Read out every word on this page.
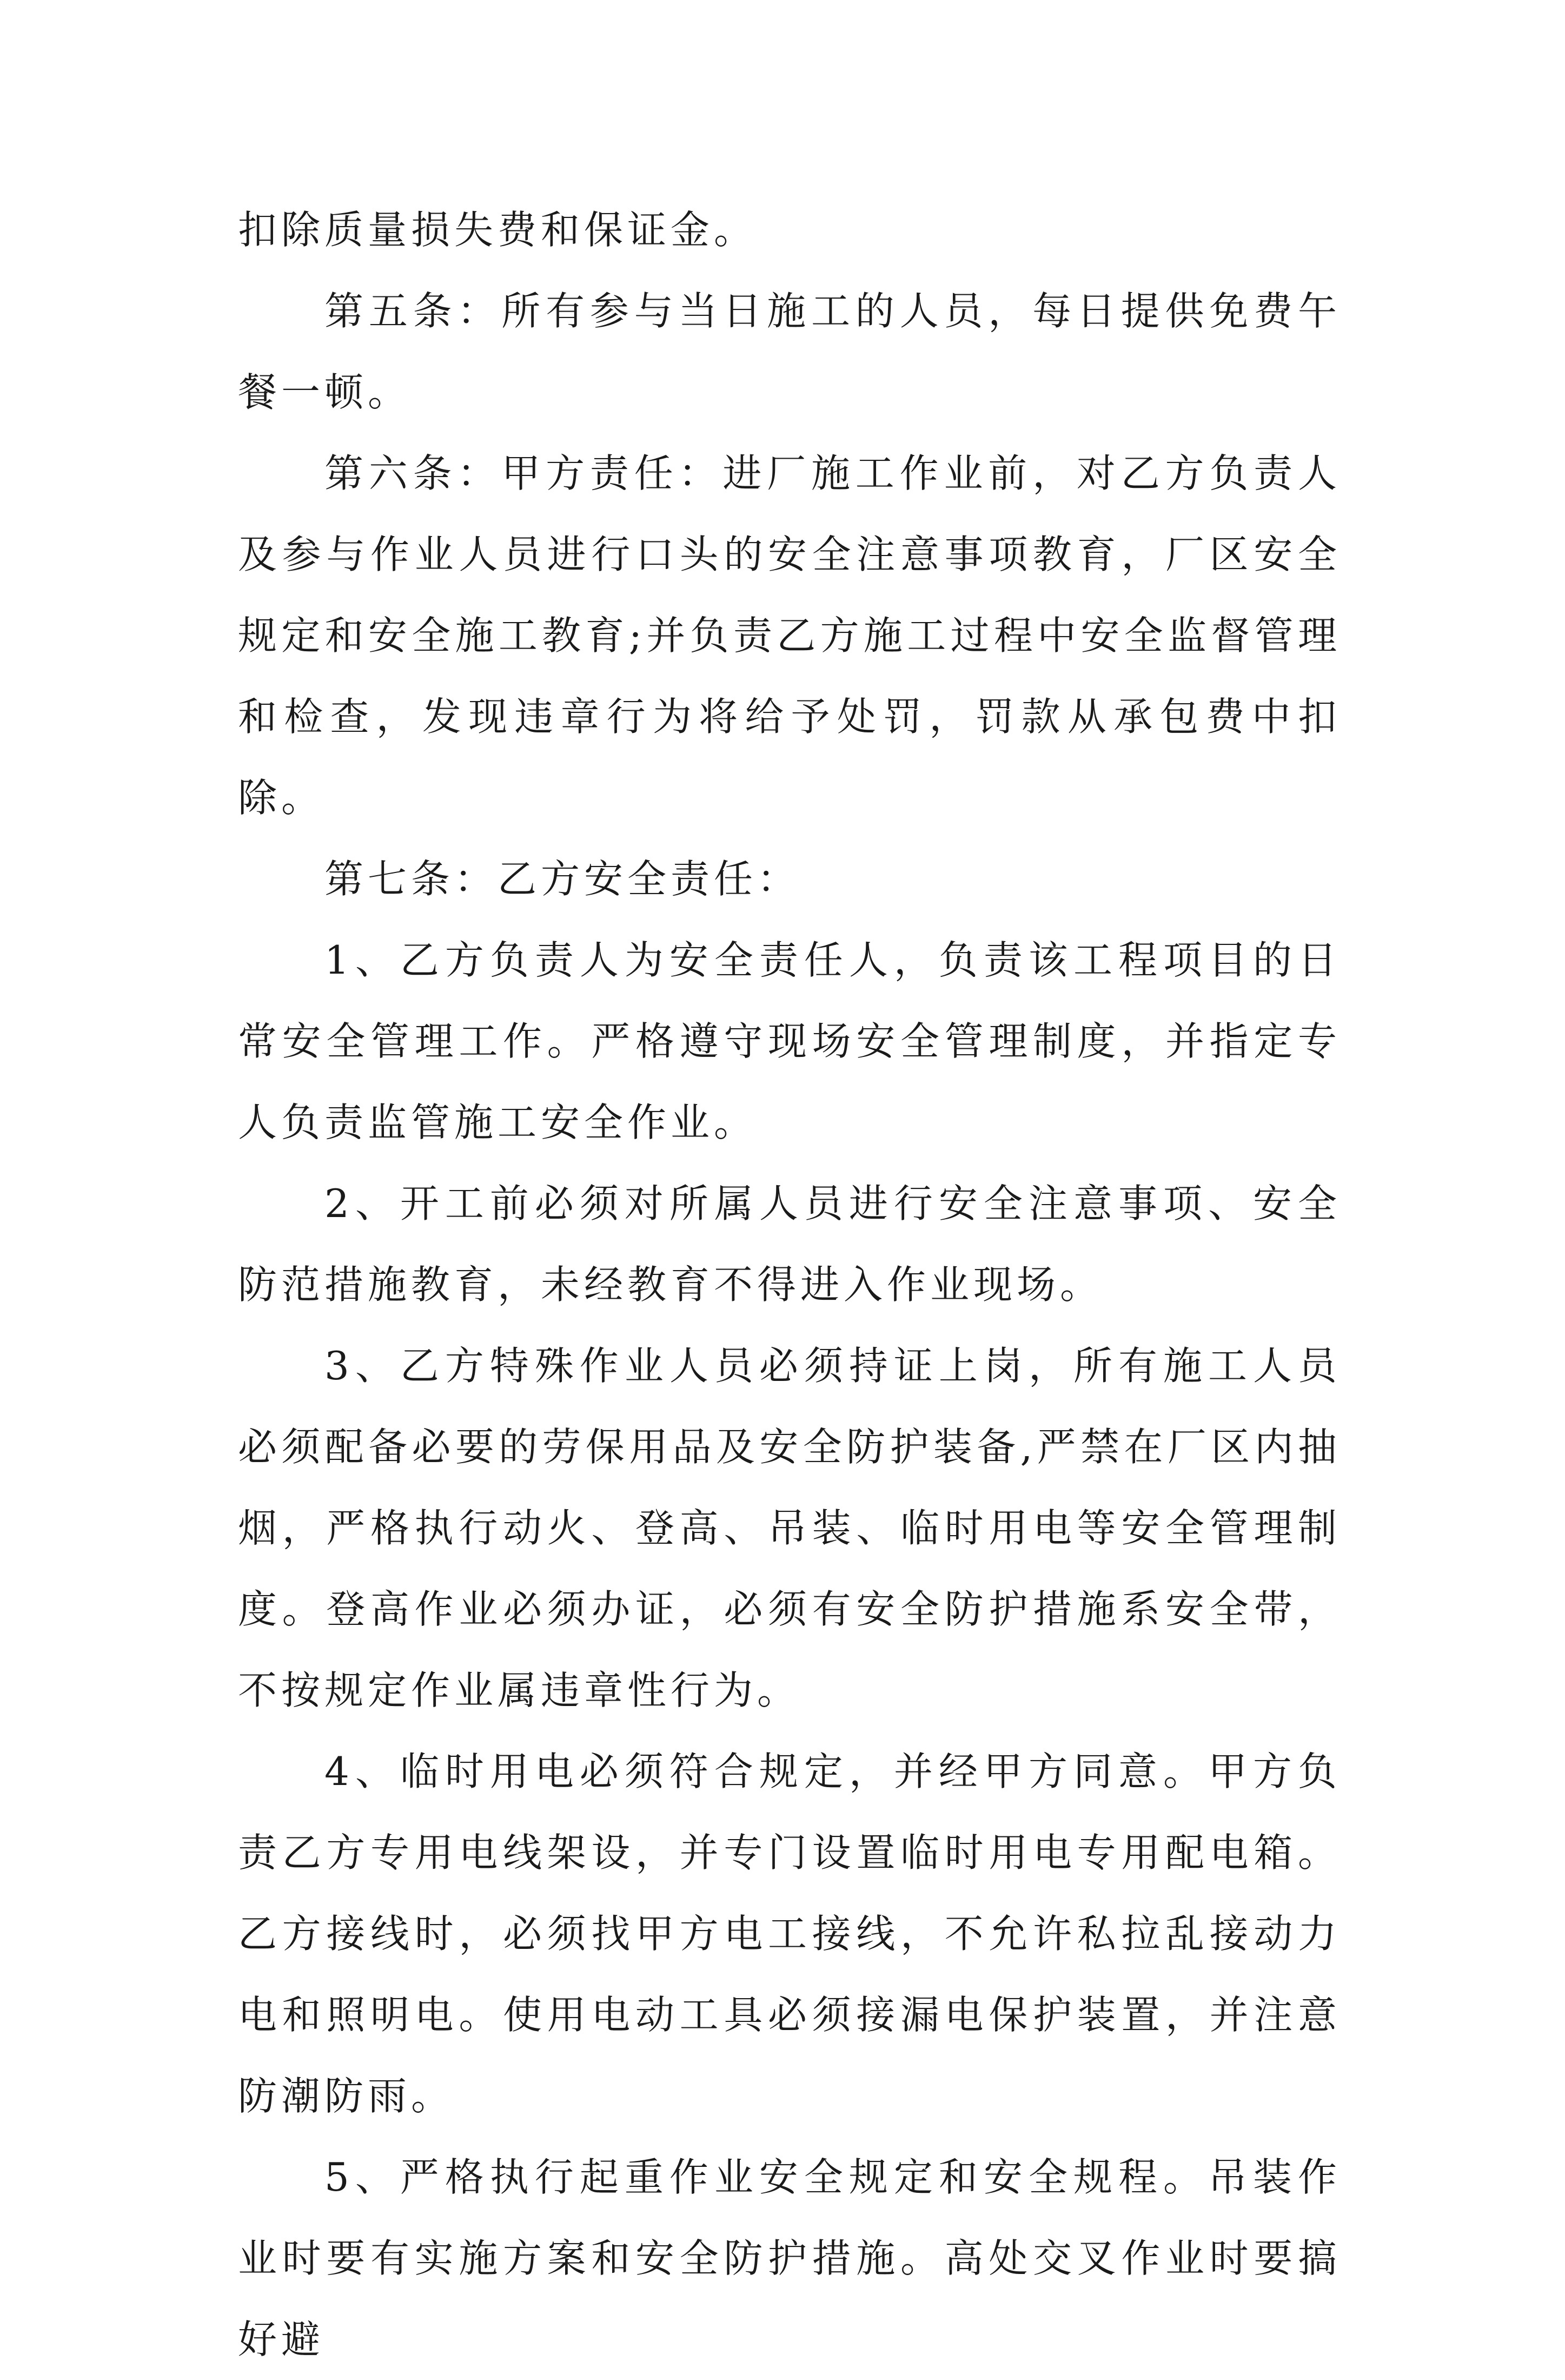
扣除质量损失费和保证金。

第五条：所有参与当日施工的人员，每日提供免费午餐一顿。

第六条：甲方责任：进厂施工作业前，对乙方负责人及参与作业人员进行口头的安全注意事项教育，厂区安全规定和安全施工教育;并负责乙方施工过程中安全监督管理和检查，发现违章行为将给予处罚，罚款从承包费中扣除。

第七条：乙方安全责任：

1、乙方负责人为安全责任人，负责该工程项目的日常安全管理工作。严格遵守现场安全管理制度，并指定专人负责监管施工安全作业。

2、开工前必须对所属人员进行安全注意事项、安全防范措施教育，未经教育不得进入作业现场。

3、乙方特殊作业人员必须持证上岗，所有施工人员必须配备必要的劳保用品及安全防护装备,严禁在厂区内抽烟，严格执行动火、登高、吊装、临时用电等安全管理制度。登高作业必须办证，必须有安全防护措施系安全带，不按规定作业属违章性行为。

4、临时用电必须符合规定，并经甲方同意。甲方负责乙方专用电线架设，并专门设置临时用电专用配电箱。乙方接线时，必须找甲方电工接线，不允许私拉乱接动力电和照明电。使用电动工具必须接漏电保护装置，并注意防潮防雨。

5、严格执行起重作业安全规定和安全规程。吊装作业时要有实施方案和安全防护措施。高处交叉作业时要搞好避
